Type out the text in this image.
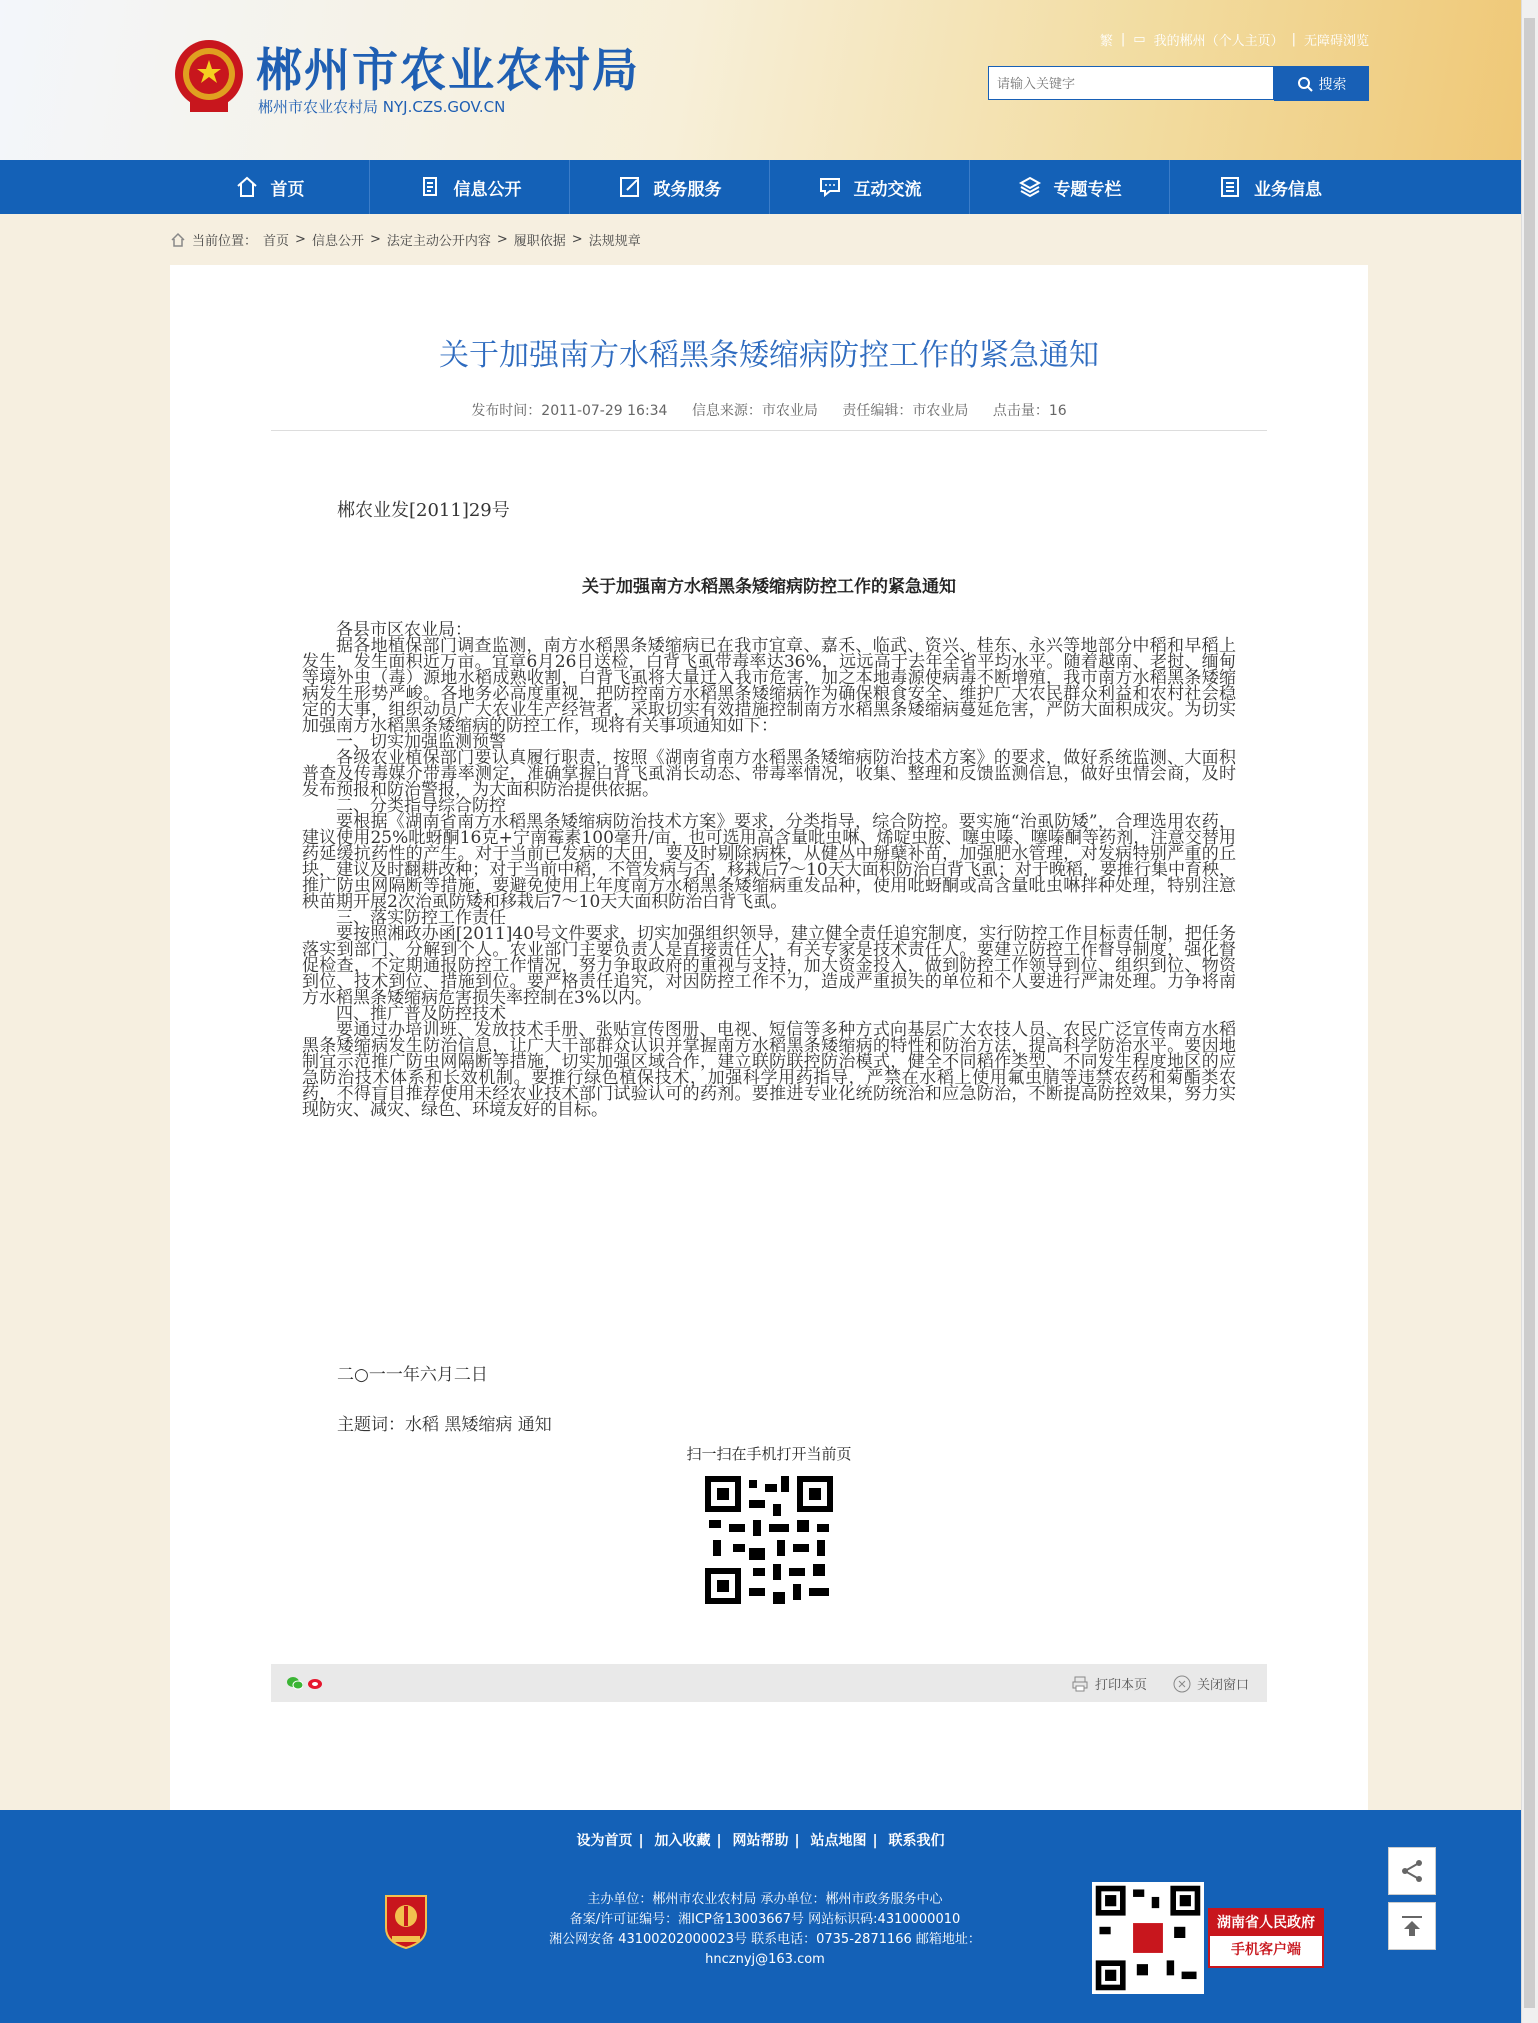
郴州市农业农村局
郴州市农业农村局 NYJ.CZS.GOV.CN
繁 | ▭ 我的郴州（个人主页） | 无障碍浏览
请输入关键字
搜索
首页	信息公开	政务服务	互动交流	专题专栏	业务信息
当前位置： 首页 > 信息公开 > 法定主动公开内容 > 履职依据 > 法规规章
关于加强南方水稻黑条矮缩病防控工作的紧急通知
发布时间：2011-07-29 16:34 信息来源：市农业局 责任编辑：市农业局 点击量：16
郴农业发[2011]29号
关于加强南方水稻黑条矮缩病防控工作的紧急通知

各县市区农业局：

据各地植保部门调查监测，南方水稻黑条矮缩病已在我市宜章、嘉禾、临武、资兴、桂东、永兴等地部分中稻和早稻上发生，发生面积近万亩。宜章6月26日送检，白背飞虱带毒率达36%，远远高于去年全省平均水平。随着越南、老挝、缅甸等境外虫（毒）源地水稻成熟收割，白背飞虱将大量迁入我市危害，加之本地毒源使病毒不断增殖，我市南方水稻黑条矮缩病发生形势严峻。各地务必高度重视，把防控南方水稻黑条矮缩病作为确保粮食安全、维护广大农民群众利益和农村社会稳定的大事，组织动员广大农业生产经营者，采取切实有效措施控制南方水稻黑条矮缩病蔓延危害，严防大面积成灾。为切实加强南方水稻黑条矮缩病的防控工作，现将有关事项通知如下：

一、切实加强监测预警

各级农业植保部门要认真履行职责，按照《湖南省南方水稻黑条矮缩病防治技术方案》的要求，做好系统监测、大面积普查及传毒媒介带毒率测定，准确掌握白背飞虱消长动态、带毒率情况，收集、整理和反馈监测信息，做好虫情会商，及时发布预报和防治警报，为大面积防治提供依据。

二、分类指导综合防控

要根据《湖南省南方水稻黑条矮缩病防治技术方案》要求，分类指导，综合防控。要实施“治虱防矮”，合理选用农药，建议使用25%吡蚜酮16克+宁南霉素100毫升/亩，也可选用高含量吡虫啉、烯啶虫胺、噻虫嗪、噻嗪酮等药剂，注意交替用药延缓抗药性的产生。对于当前已发病的大田，要及时剔除病株，从健丛中掰蘖补苗，加强肥水管理，对发病特别严重的丘块，建议及时翻耕改种；对于当前中稻，不管发病与否，移栽后7～10天大面积防治白背飞虱；对于晚稻，要推行集中育秧，推广防虫网隔断等措施，要避免使用上年度南方水稻黑条矮缩病重发品种，使用吡蚜酮或高含量吡虫啉拌种处理，特别注意秧苗期开展2次治虱防矮和移栽后7～10天大面积防治白背飞虱。

三、落实防控工作责任

要按照湘政办函[2011]40号文件要求，切实加强组织领导，建立健全责任追究制度，实行防控工作目标责任制，把任务落实到部门、分解到个人。农业部门主要负责人是直接责任人，有关专家是技术责任人。要建立防控工作督导制度，强化督促检查，不定期通报防控工作情况，努力争取政府的重视与支持，加大资金投入，做到防控工作领导到位、组织到位、物资到位、技术到位、措施到位。要严格责任追究，对因防控工作不力，造成严重损失的单位和个人要进行严肃处理。力争将南方水稻黑条矮缩病危害损失率控制在3%以内。

四、推广普及防控技术

要通过办培训班、发放技术手册、张贴宣传图册、电视、短信等多种方式向基层广大农技人员、农民广泛宣传南方水稻黑条矮缩病发生防治信息，让广大干部群众认识并掌握南方水稻黑条矮缩病的特性和防治方法，提高科学防治水平。要因地制宜示范推广防虫网隔断等措施，切实加强区域合作，建立联防联控防治模式，健全不同稻作类型、不同发生程度地区的应急防治技术体系和长效机制。要推行绿色植保技术，加强科学用药指导，严禁在水稻上使用氟虫腈等违禁农药和菊酯类农药，不得盲目推荐使用未经农业技术部门试验认可的药剂。要推进专业化统防统治和应急防治，不断提高防控效果，努力实现防灾、减灾、绿色、环境友好的目标。

二○一一年六月二日
主题词：水稻 黑矮缩病 通知
扫一扫在手机打开当前页
打印本页	关闭窗口
设为首页 | 加入收藏 | 网站帮助 | 站点地图 | 联系我们
主办单位：郴州市农业农村局 承办单位：郴州市政务服务中心
备案/许可证编号：湘ICP备13003667号 网站标识码:4310000010
湘公网安备 43100202000023号 联系电话：0735-2871166 邮箱地址：
hncznyj@163.com
湖南省人民政府
手机客户端
